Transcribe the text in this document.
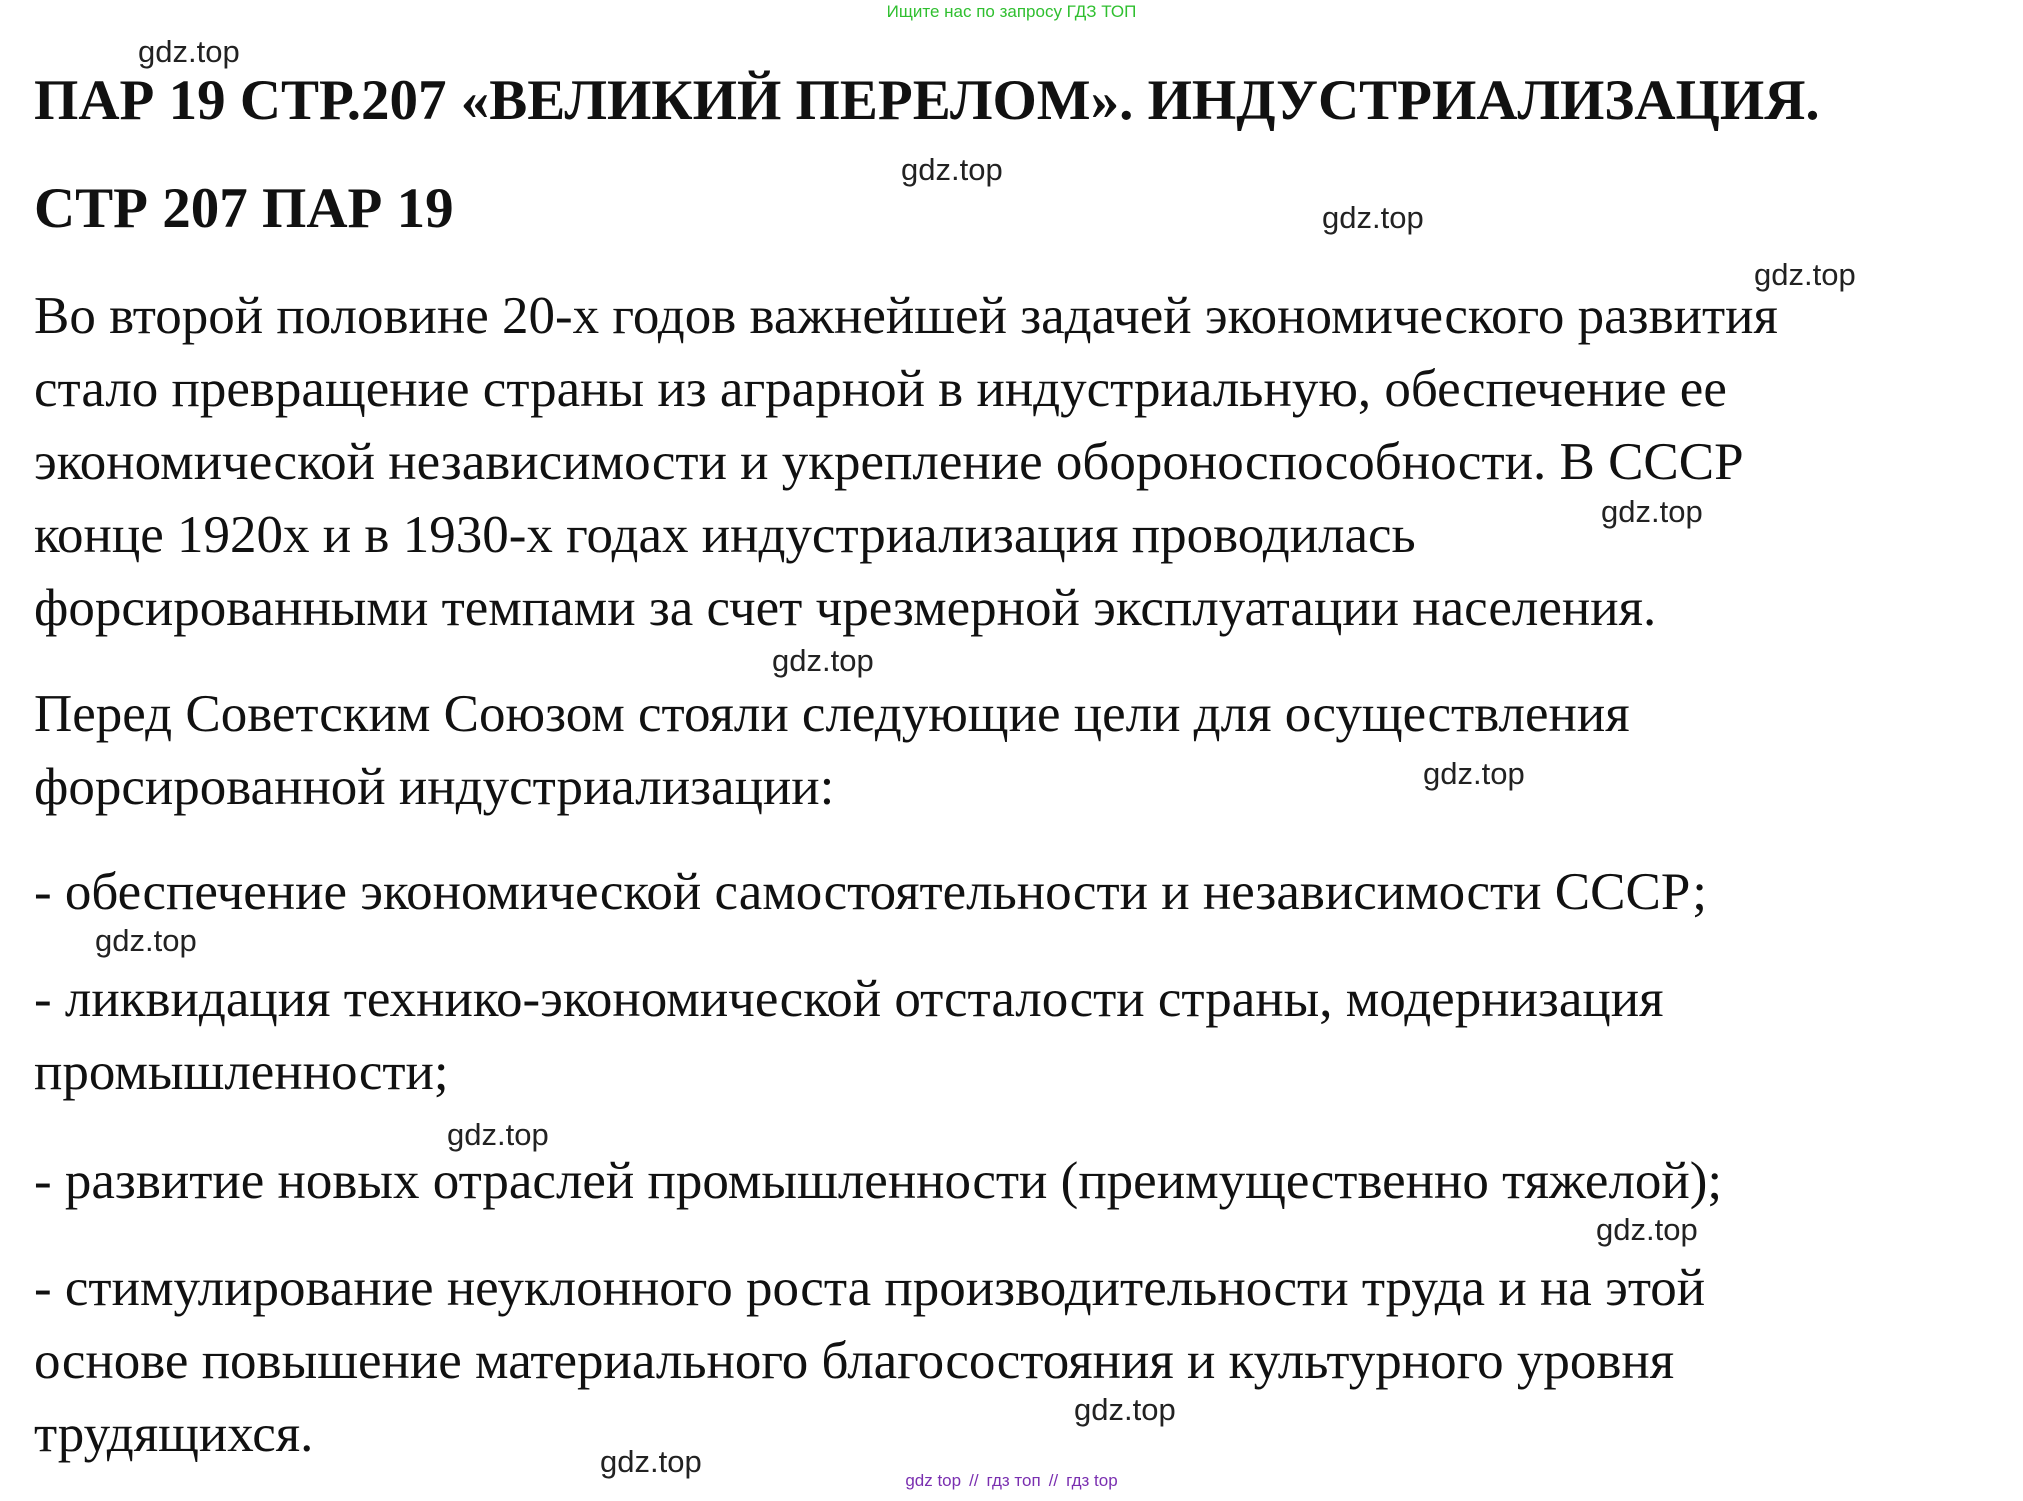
Ищите нас по запросу ГДЗ ТОП
ПАР 19 СТР.207 «ВЕЛИКИЙ ПЕРЕЛОМ». ИНДУСТРИАЛИЗАЦИЯ.
СТР 207 ПАР 19

Во второй половине 20-х годов важнейшей задачей экономического развития
стало превращение страны из аграрной в индустриальную, обеспечение ее
экономической независимости и укрепление обороноспособности. В СССР
конце 1920х и в 1930-х годах индустриализация проводилась
форсированными темпами за счет чрезмерной эксплуатации населения.

Перед Советским Союзом стояли следующие цели для осуществления
форсированной индустриализации:

- обеспечение экономической самостоятельности и независимости СССР;

- ликвидация технико-экономической отсталости страны, модернизация
промышленности;

- развитие новых отраслей промышленности (преимущественно тяжелой);

- стимулирование неуклонного роста производительности труда и на этой
основе повышение материального благосостояния и культурного уровня
трудящихся.

gdz.top
gdz.top
gdz.top
gdz.top
gdz.top
gdz.top
gdz.top
gdz.top
gdz.top
gdz.top
gdz.top
gdz.top
gdz top // гдз топ // гдз top
